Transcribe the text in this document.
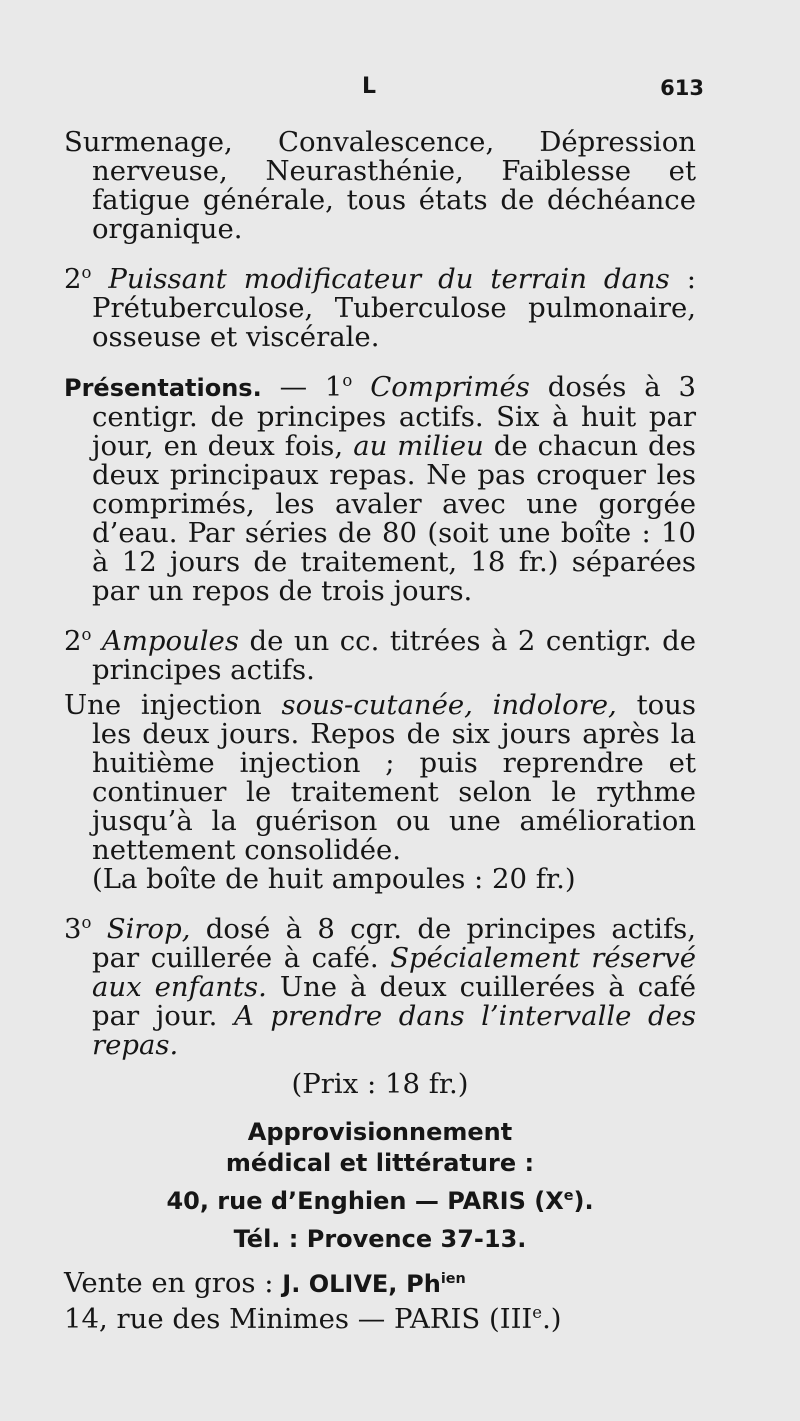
L	613

Surmenage, Convalescence, Dépression nerveuse, Neurasthénie, Faiblesse et fatigue générale, tous états de déchéance organique.

2$^o$ Puissant modificateur du terrain dans : Prétuberculose, Tuberculose pulmonaire, osseuse et viscérale.

Présentations. — 1$^o$ Comprimés dosés à 3 centigr. de principes actifs. Six à huit par jour, en deux fois, au milieu de chacun des deux principaux repas. Ne pas croquer les comprimés, les avaler avec une gorgée d’eau. Par séries de 80 (soit une boîte : 10 à 12 jours de traitement, 18 fr.) séparées par un repos de trois jours.

2$^o$ Ampoules de un cc. titrées à 2 centigr. de principes actifs.

Une injection sous-cutanée, indolore, tous les deux jours. Repos de six jours après la huitième injection ; puis reprendre et continuer le traitement selon le rythme jusqu’à la guérison ou une amélioration nettement consolidée.

(La boîte de huit ampoules : 20 fr.)

3$^o$ Sirop, dosé à 8 cgr. de principes actifs, par cuillerée à café. Spécialement réservé aux enfants. Une à deux cuillerées à café par jour. A prendre dans l’intervalle des repas.

(Prix : 18 fr.)

Approvisionnement
médical et littérature :
40, rue d’Enghien — PARIS (Xe).
Tél. : Provence 37-13.

Vente en gros : J. OLIVE, $Ph^{ien}$

14, rue des Minimes — PARIS (IIIe.)
